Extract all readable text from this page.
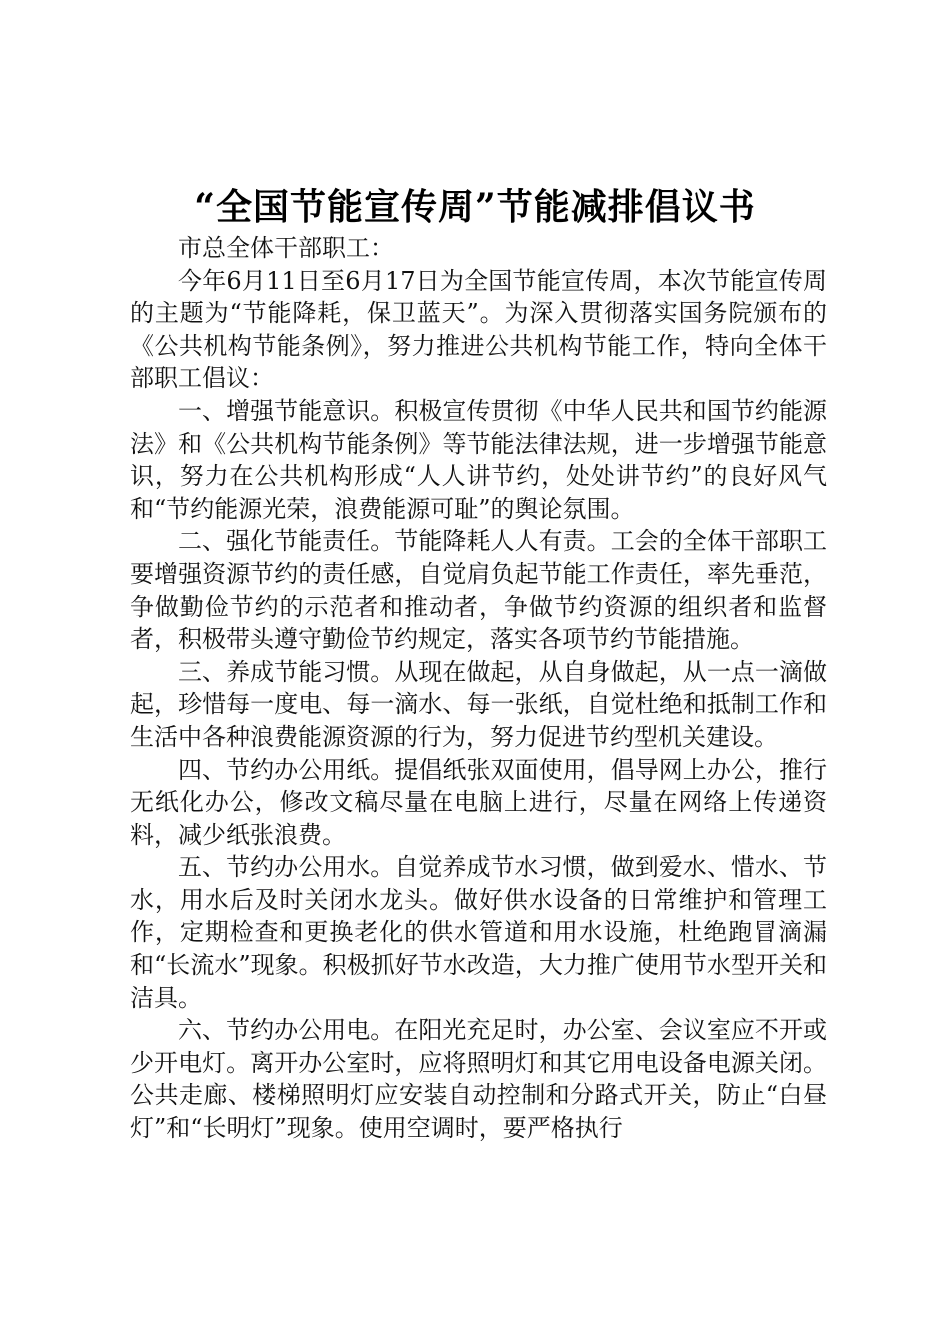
“全国节能宣传周”节能减排倡议书

市总全体干部职工：

今年6月11日至6月17日为全国节能宣传周，本次节能宣传周的主题为“节能降耗，保卫蓝天”。为深入贯彻落实国务院颁布的《公共机构节能条例》，努力推进公共机构节能工作，特向全体干部职工倡议：

一、增强节能意识。积极宣传贯彻《中华人民共和国节约能源法》和《公共机构节能条例》等节能法律法规，进一步增强节能意识，努力在公共机构形成“人人讲节约，处处讲节约”的良好风气和“节约能源光荣，浪费能源可耻”的舆论氛围。

二、强化节能责任。节能降耗人人有责。工会的全体干部职工要增强资源节约的责任感，自觉肩负起节能工作责任，率先垂范，争做勤俭节约的示范者和推动者，争做节约资源的组织者和监督者，积极带头遵守勤俭节约规定，落实各项节约节能措施。

三、养成节能习惯。从现在做起，从自身做起，从一点一滴做起，珍惜每一度电、每一滴水、每一张纸，自觉杜绝和抵制工作和生活中各种浪费能源资源的行为，努力促进节约型机关建设。

四、节约办公用纸。提倡纸张双面使用，倡导网上办公，推行无纸化办公，修改文稿尽量在电脑上进行，尽量在网络上传递资料，减少纸张浪费。

五、节约办公用水。自觉养成节水习惯，做到爱水、惜水、节水，用水后及时关闭水龙头。做好供水设备的日常维护和管理工作，定期检查和更换老化的供水管道和用水设施，杜绝跑冒滴漏和“长流水”现象。积极抓好节水改造，大力推广使用节水型开关和洁具。

六、节约办公用电。在阳光充足时，办公室、会议室应不开或少开电灯。离开办公室时，应将照明灯和其它用电设备电源关闭。公共走廊、楼梯照明灯应安装自动控制和分路式开关，防止“白昼灯”和“长明灯”现象。使用空调时，要严格执行
